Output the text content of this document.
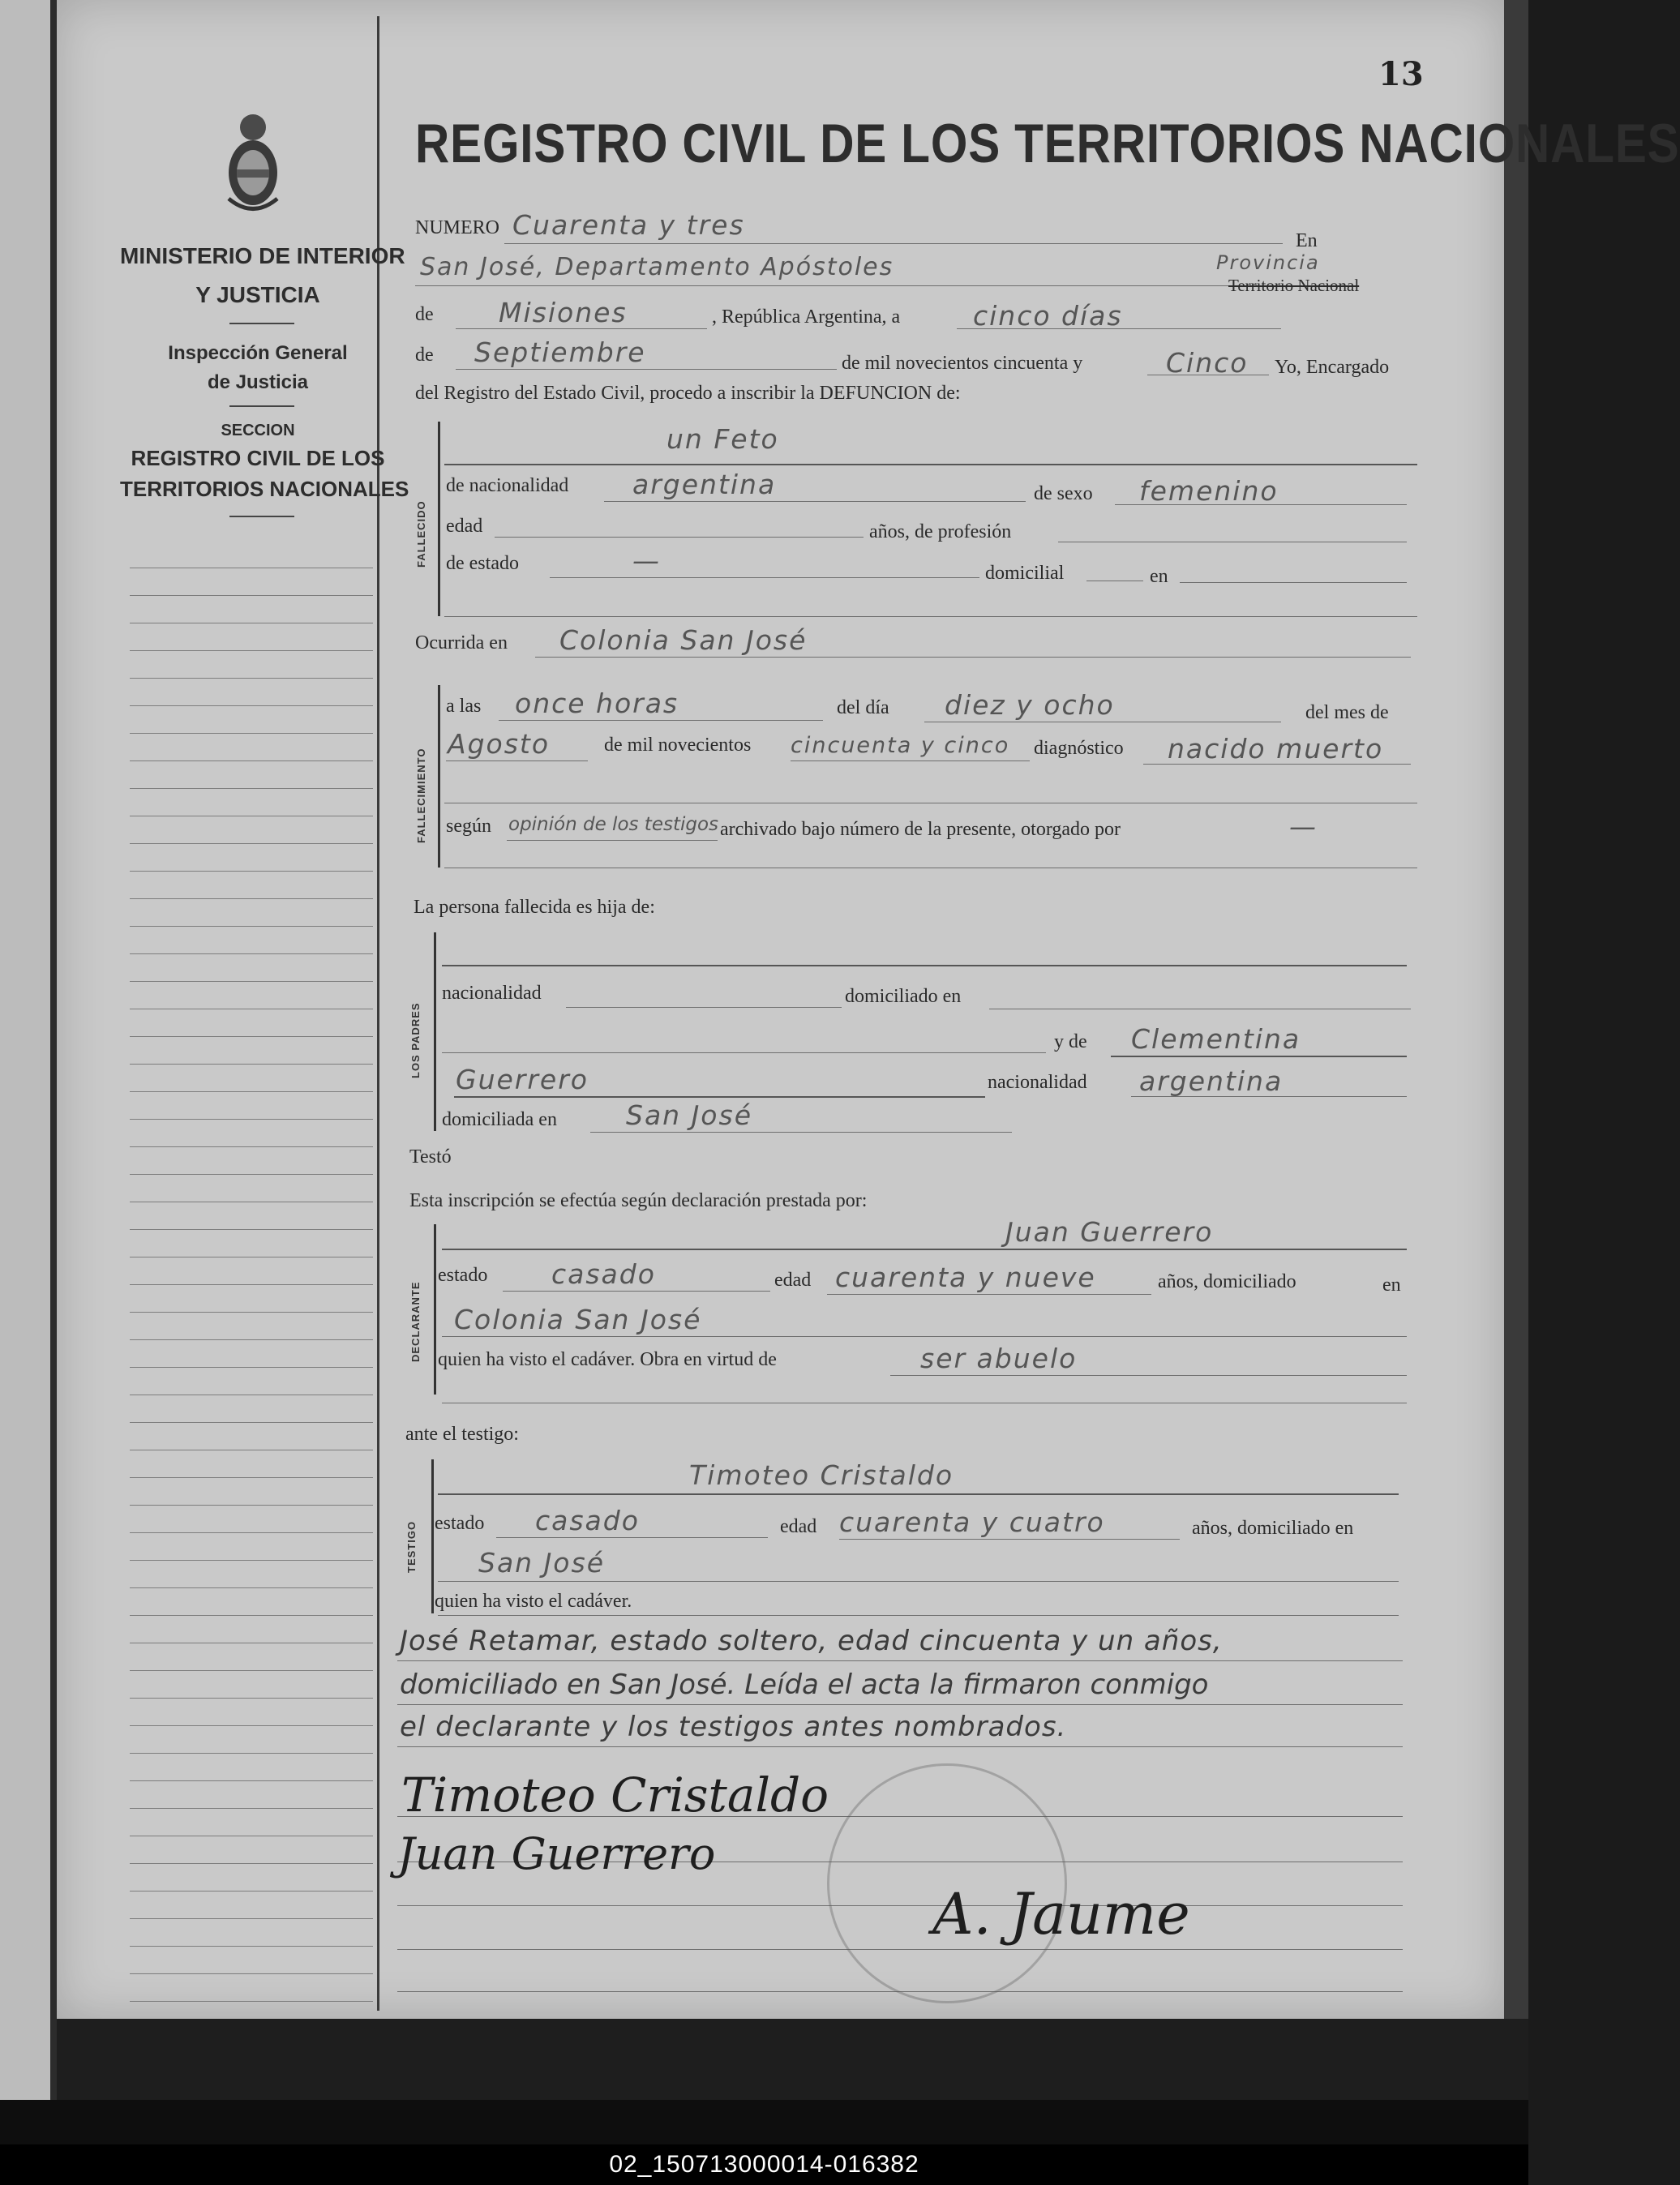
02_150713000014-016382
MINISTERIO DE INTERIOR
Y JUSTICIA
Inspección General
de Justicia
SECCION
REGISTRO CIVIL DE LOS
TERRITORIOS NACIONALES
13
REGISTRO CIVIL DE LOS TERRITORIOS NACIONALES
NUMERO Cuarenta y tres	En
San José, Departamento Apóstoles	Provincia
Territorio Nacional
de Misiones	, República Argentina, a	cinco días
de Septiembre	de mil novecientos cincuenta y	Cinco Yo, Encargado
del Registro del Estado Civil, procedo a inscribir la DEFUNCION de:
FALLECIDO
un Feto
de nacionalidad argentina	de sexo femenino
edad	años, de profesión
de estado	—	domicilial	en
Ocurrida en Colonia San José
FALLECIMIENTO
a las once horas	del día diez y ocho	del mes de
Agosto	de mil novecientos cincuenta y cinco diagnóstico nacido muerto
según opinión de los testigos archivado bajo número de la presente, otorgado por	—
La persona fallecida es hija de:
LOS PADRES
nacionalidad	domiciliado en
y de Clementina
Guerrero	nacionalidad argentina
domiciliada en	San José
Testó
Esta inscripción se efectúa según declaración prestada por:
DECLARANTE
Juan Guerrero
estado casado	edad cuarenta y nueve	años, domiciliado	en
Colonia San José
quien ha visto el cadáver. Obra en virtud de	ser abuelo
ante el testigo:
TESTIGO
Timoteo Cristaldo
estado casado	edad cuarenta y cuatro	años, domiciliado en
San José
quien ha visto el cadáver.
José Retamar, estado soltero, edad cincuenta y un años,
domiciliado en San José. Leída el acta la firmaron conmigo
el declarante y los testigos antes nombrados.
Timoteo Cristaldo
Juan Guerrero
A. Jaume
